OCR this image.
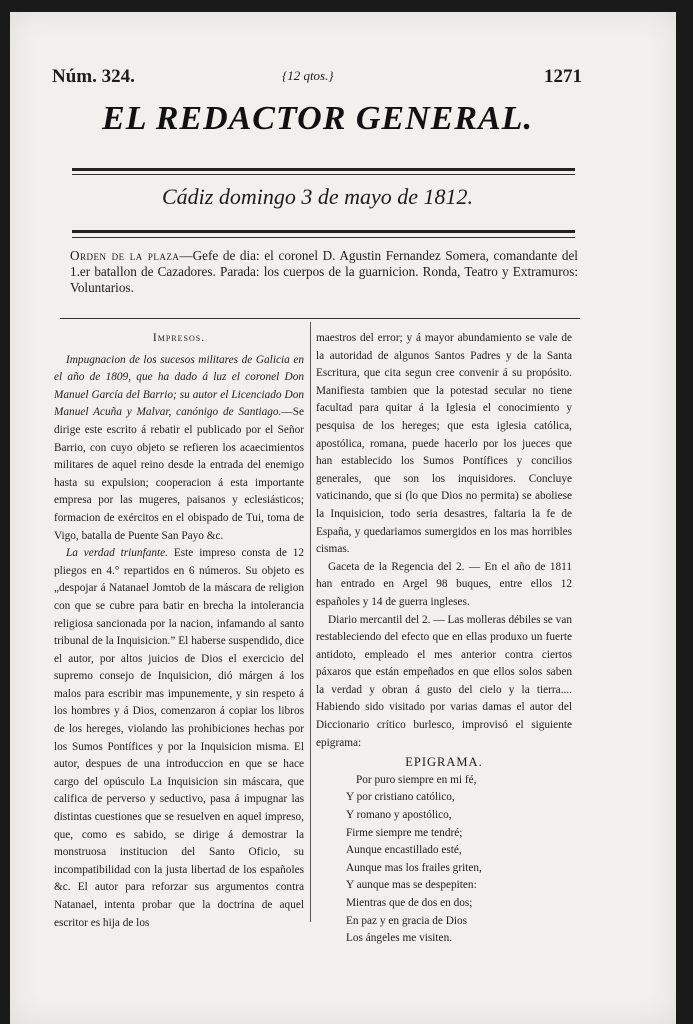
Núm. 324.	{12 qtos.}	1271
EL REDACTOR GENERAL.
Cádiz domingo 3 de mayo de 1812.
Orden de la plaza—Gefe de dia: el coronel D. Agustin Fernandez Somera, comandante del 1.er batallon de Cazadores. Parada: los cuerpos de la guarnicion. Ronda, Teatro y Extramuros: Voluntarios.

Impresos.

Impugnacion de los sucesos militares de Galicia en el año de 1809, que ha dado á luz el coronel Don Manuel García del Barrio; su autor el Licenciado Don Manuel Acuña y Malvar, canónigo de Santiago.—Se dirige este escrito á rebatir el publicado por el Señor Barrio, con cuyo objeto se refieren los acaecimientos militares de aquel reino desde la entrada del enemigo hasta su expulsion; cooperacion á esta importante empresa por las mugeres, paisanos y eclesiásticos; formacion de exércitos en el obispado de Tui, toma de Vigo, batalla de Puente San Payo &c.

La verdad triunfante. Este impreso consta de 12 pliegos en 4.° repartidos en 6 números. Su objeto es „despojar á Natanael Jomtob de la máscara de religion con que se cubre para batir en brecha la intolerancia religiosa sancionada por la nacion, infamando al santo tribunal de la Inquisicion.” El haberse suspendido, dice el autor, por altos juicios de Dios el exercicio del supremo consejo de Inquisicion, dió márgen á los malos para escribir mas impunemente, y sin respeto á los hombres y á Dios, comenzaron á copiar los libros de los hereges, violando las prohibiciones hechas por los Sumos Pontífices y por la Inquisicion misma. El autor, despues de una introduccion en que se hace cargo del opúsculo La Inquisicion sin máscara, que califica de perverso y seductivo, pasa á impugnar las distintas cuestiones que se resuelven en aquel impreso, que, como es sabido, se dirige á demostrar la monstruosa institucion del Santo Oficio, su incompatibilidad con la justa libertad de los españoles &c. El autor para reforzar sus argumentos contra Natanael, intenta probar que la doctrina de aquel escritor es hija de los

maestros del error; y á mayor abundamiento se vale de la autoridad de algunos Santos Padres y de la Santa Escritura, que cita segun cree convenir á su propósito. Manifiesta tambien que la potestad secular no tiene facultad para quitar á la Iglesia el conocimiento y pesquisa de los hereges; que esta iglesia católica, apostólica, romana, puede hacerlo por los jueces que han establecido los Sumos Pontífices y concilios generales, que son los inquisidores. Concluye vaticinando, que si (lo que Dios no permita) se aboliese la Inquisicion, todo seria desastres, faltaria la fe de España, y quedariamos sumergidos en los mas horribles cismas.

Gaceta de la Regencia del 2. — En el año de 1811 han entrado en Argel 98 buques, entre ellos 12 españoles y 14 de guerra ingleses.

Diario mercantil del 2. — Las molleras débiles se van restableciendo del efecto que en ellas produxo un fuerte antidoto, empleado el mes anterior contra ciertos páxaros que están empeñados en que ellos solos saben la verdad y obran á gusto del cielo y la tierra.... Habiendo sido visitado por varias damas el autor del Diccionario crítico burlesco, improvisó el siguiente epigrama:

EPIGRAMA.

Por puro siempre en mi fé,
Y por cristiano católico,
Y romano y apostólico,
Firme siempre me tendré;
Aunque encastillado esté,
Aunque mas los frailes griten,
Y aunque mas se despepiten:
Mientras que de dos en dos;
En paz y en gracia de Dios
Los ángeles me visiten.
